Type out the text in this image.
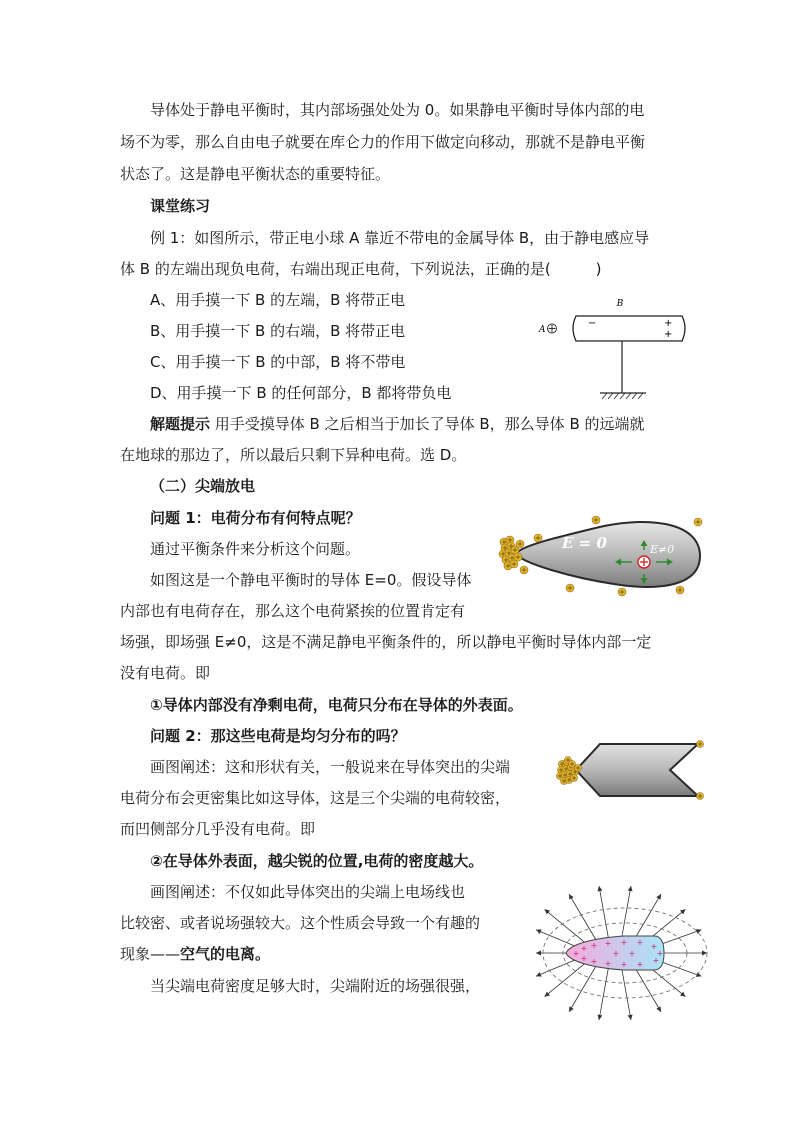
导体处于静电平衡时，其内部场强处处为 0。如果静电平衡时导体内部的电
场不为零，那么自由电子就要在库仑力的作用下做定向移动，那就不是静电平衡
状态了。这是静电平衡状态的重要特征。
课堂练习
例 1：如图所示，带正电小球 A 靠近不带电的金属导体 B，由于静电感应导
体 B 的左端出现负电荷，右端出现正电荷，下列说法，正确的是(　　　)
A、用手摸一下 B 的左端，B 将带正电
B、用手摸一下 B 的右端，B 将带正电
C、用手摸一下 B 的中部，B 将不带电
D、用手摸一下 B 的任何部分，B 都将带负电
B
A
−	+
+
解题提示 用手受摸导体 B 之后相当于加长了导体 B，那么导体 B 的远端就
在地球的那边了，所以最后只剩下异种电荷。选 D。
（二）尖端放电
问题 1：电荷分布有何特点呢？
通过平衡条件来分析这个问题。
如图这是一个静电平衡时的导体 E=0。假设导体
内部也有电荷存在，那么这个电荷紧挨的位置肯定有
场强，即场强 E≠0，这是不满足静电平衡条件的，所以静电平衡时导体内部一定
没有电荷。即
E = 0	E≠0
①导体内部没有净剩电荷，电荷只分布在导体的外表面。
问题 2：那这些电荷是均匀分布的吗？
画图阐述：这和形状有关，一般说来在导体突出的尖端
电荷分布会更密集比如这导体，这是三个尖端的电荷较密，
而凹侧部分几乎没有电荷。即
②在导体外表面，越尖锐的位置,电荷的密度越大。
画图阐述：不仅如此导体突出的尖端上电场线也
比较密、或者说场强较大。这个性质会导致一个有趣的
现象——空气的电离。
当尖端电荷密度足够大时，尖端附近的场强很强，
+
+
+
+
+
+
+
+
+
+
+
+
+
+
+ +
